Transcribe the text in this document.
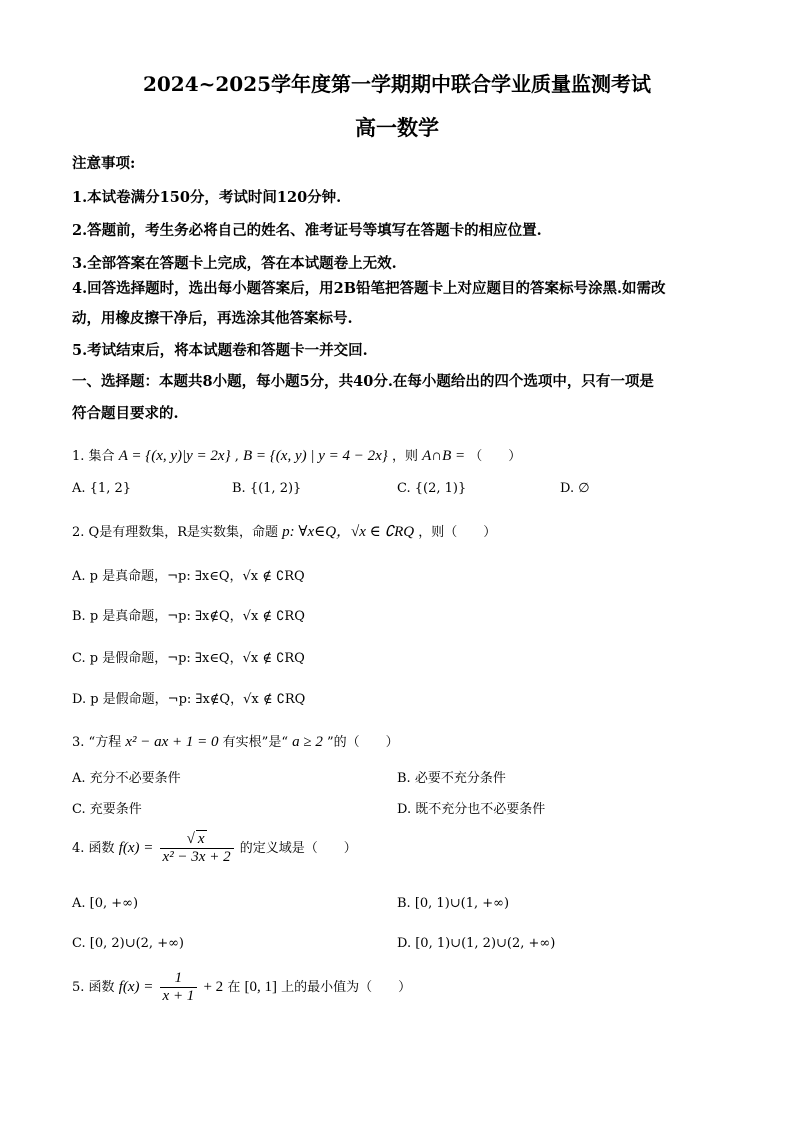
2024~2025学年度第一学期期中联合学业质量监测考试
高一数学
注意事项:
1.本试卷满分150分，考试时间120分钟.
2.答题前，考生务必将自己的姓名、准考证号等填写在答题卡的相应位置.
3.全部答案在答题卡上完成，答在本试题卷上无效.
4.回答选择题时，选出每小题答案后，用2B铅笔把答题卡上对应题目的答案标号涂黑.如需改
动，用橡皮擦干净后，再选涂其他答案标号.
5.考试结束后，将本试题卷和答题卡一并交回.
一、选择题：本题共8小题，每小题5分，共40分.在每小题给出的四个选项中，只有一项是
符合题目要求的.
1. 集合 A = {(x, y)|y = 2x} , B = {(x, y) | y = 4 − 2x} ，则 A∩B = （　　）
A. {1, 2}	B. {(1, 2)}	C. {(2, 1)}	D. ∅
2. Q是有理数集，R是实数集，命题 p: ∀x∈Q，√x ∈ ∁RQ ，则（　　）
A. p 是真命题，¬p: ∃x∈Q，√x ∉ ∁RQ
B. p 是真命题，¬p: ∃x∉Q，√x ∉ ∁RQ
C. p 是假命题，¬p: ∃x∈Q，√x ∉ ∁RQ
D. p 是假命题，¬p: ∃x∉Q，√x ∉ ∁RQ
3. “方程 x² − ax + 1 = 0 有实根”是“ a ≥ 2 ”的（　　）
A. 充分不必要条件	B. 必要不充分条件
C. 充要条件	D. 既不充分也不必要条件
4. 函数 $f(x) = \frac{√ x}{\text{x² − 3x + 2}}$ 的定义域是（　　）
A. [0, +∞)	B. [0, 1)∪(1, +∞)
C. [0, 2)∪(2, +∞)	D. [0, 1)∪(1, 2)∪(2, +∞)
5. 函数 $f(x) = \frac{1}{x + 1} + 2$ 在 [0, 1] 上的最小值为（　　）
